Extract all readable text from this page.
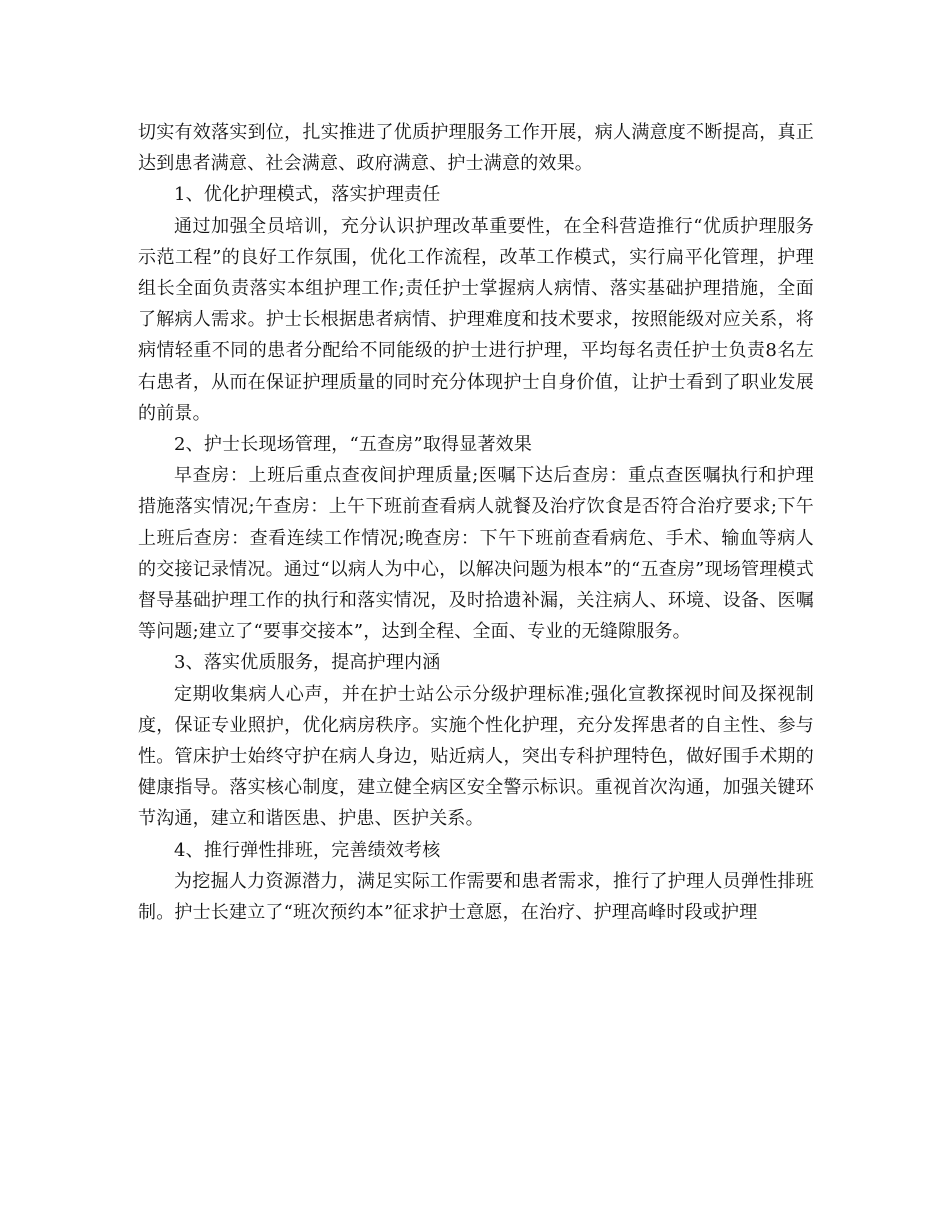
切实有效落实到位，扎实推进了优质护理服务工作开展，病人满意度不断提高，真正达到患者满意、社会满意、政府满意、护士满意的效果。

1、优化护理模式，落实护理责任

通过加强全员培训，充分认识护理改革重要性，在全科营造推行“优质护理服务示范工程”的良好工作氛围，优化工作流程，改革工作模式，实行扁平化管理，护理组长全面负责落实本组护理工作;责任护士掌握病人病情、落实基础护理措施，全面了解病人需求。护士长根据患者病情、护理难度和技术要求，按照能级对应关系，将病情轻重不同的患者分配给不同能级的护士进行护理，平均每名责任护士负责8名左右患者，从而在保证护理质量的同时充分体现护士自身价值，让护士看到了职业发展的前景。

2、护士长现场管理，“五查房”取得显著效果

早查房：上班后重点查夜间护理质量;医嘱下达后查房：重点查医嘱执行和护理措施落实情况;午查房：上午下班前查看病人就餐及治疗饮食是否符合治疗要求;下午上班后查房：查看连续工作情况;晚查房：下午下班前查看病危、手术、输血等病人的交接记录情况。通过“以病人为中心，以解决问题为根本”的“五查房”现场管理模式督导基础护理工作的执行和落实情况，及时拾遗补漏，关注病人、环境、设备、医嘱等问题;建立了“要事交接本”，达到全程、全面、专业的无缝隙服务。

3、落实优质服务，提高护理内涵

定期收集病人心声，并在护士站公示分级护理标准;强化宣教探视时间及探视制度，保证专业照护，优化病房秩序。实施个性化护理，充分发挥患者的自主性、参与性。管床护士始终守护在病人身边，贴近病人，突出专科护理特色，做好围手术期的健康指导。落实核心制度，建立健全病区安全警示标识。重视首次沟通，加强关键环节沟通，建立和谐医患、护患、医护关系。

4、推行弹性排班，完善绩效考核

为挖掘人力资源潜力，满足实际工作需要和患者需求，推行了护理人员弹性排班制。护士长建立了“班次预约本”征求护士意愿，在治疗、护理高峰时段或护理
